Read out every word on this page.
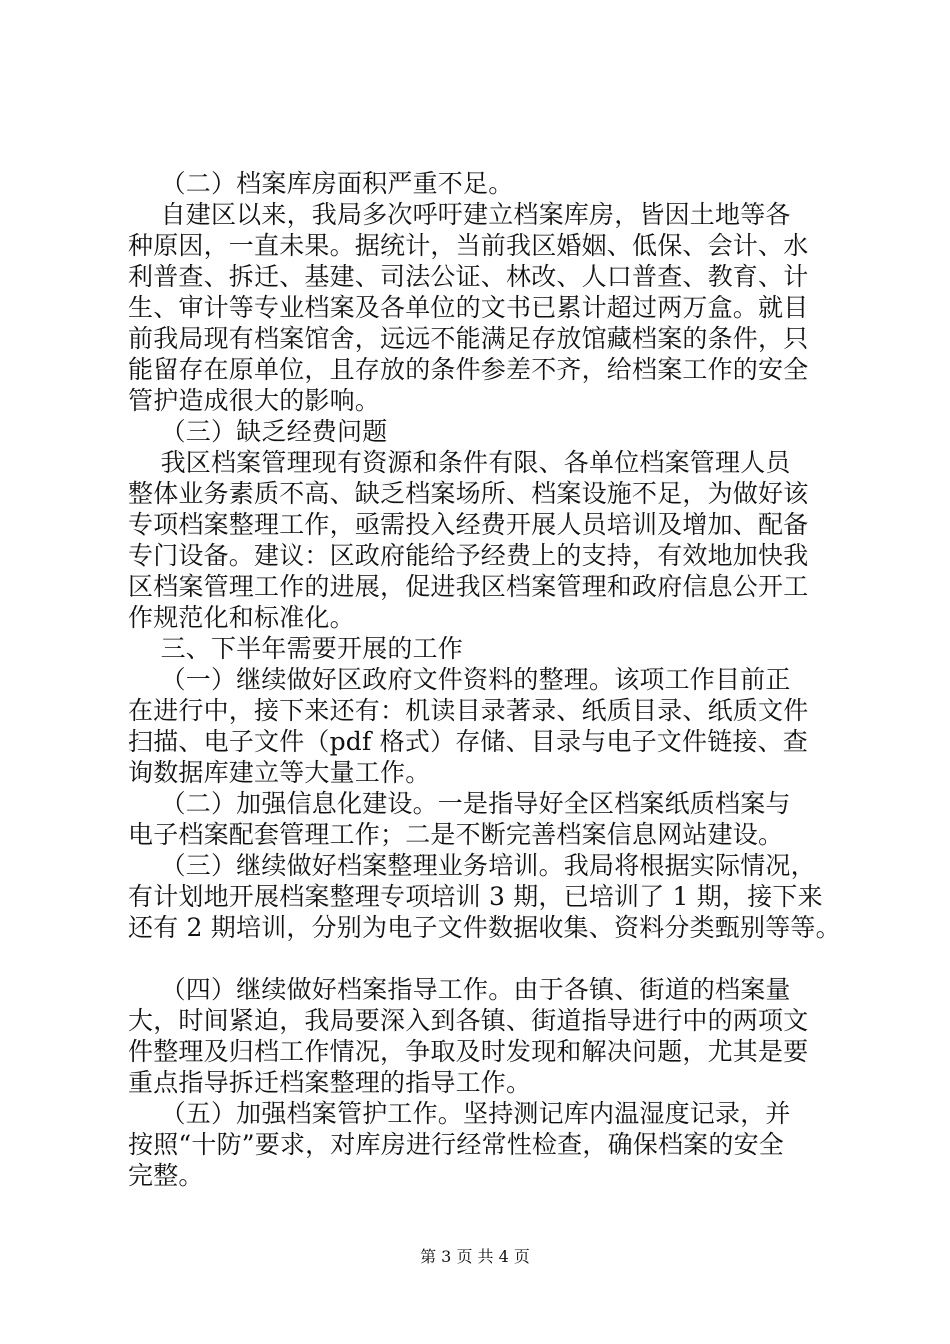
（二）档案库房面积严重不足。
自建区以来，我局多次呼吁建立档案库房，皆因土地等各
种原因，一直未果。据统计，当前我区婚姻、低保、会计、水
利普查、拆迁、基建、司法公证、林改、人口普查、教育、计
生、审计等专业档案及各单位的文书已累计超过两万盒。就目
前我局现有档案馆舍，远远不能满足存放馆藏档案的条件，只
能留存在原单位，且存放的条件参差不齐，给档案工作的安全
管护造成很大的影响。
（三）缺乏经费问题
我区档案管理现有资源和条件有限、各单位档案管理人员
整体业务素质不高、缺乏档案场所、档案设施不足，为做好该
专项档案整理工作，亟需投入经费开展人员培训及增加、配备
专门设备。建议：区政府能给予经费上的支持，有效地加快我
区档案管理工作的进展，促进我区档案管理和政府信息公开工
作规范化和标准化。
三、下半年需要开展的工作
（一）继续做好区政府文件资料的整理。该项工作目前正
在进行中，接下来还有：机读目录著录、纸质目录、纸质文件
扫描、电子文件（pdf 格式）存储、目录与电子文件链接、查
询数据库建立等大量工作。
（二）加强信息化建设。一是指导好全区档案纸质档案与
电子档案配套管理工作；二是不断完善档案信息网站建设。
（三）继续做好档案整理业务培训。我局将根据实际情况，
有计划地开展档案整理专项培训 3 期，已培训了 1 期，接下来
还有 2 期培训，分别为电子文件数据收集、资料分类甄别等等。
（四）继续做好档案指导工作。由于各镇、街道的档案量
大，时间紧迫，我局要深入到各镇、街道指导进行中的两项文
件整理及归档工作情况，争取及时发现和解决问题，尤其是要
重点指导拆迁档案整理的指导工作。
（五）加强档案管护工作。坚持测记库内温湿度记录，并
按照“十防”要求，对库房进行经常性检查，确保档案的安全
完整。
第 3 页 共 4 页
